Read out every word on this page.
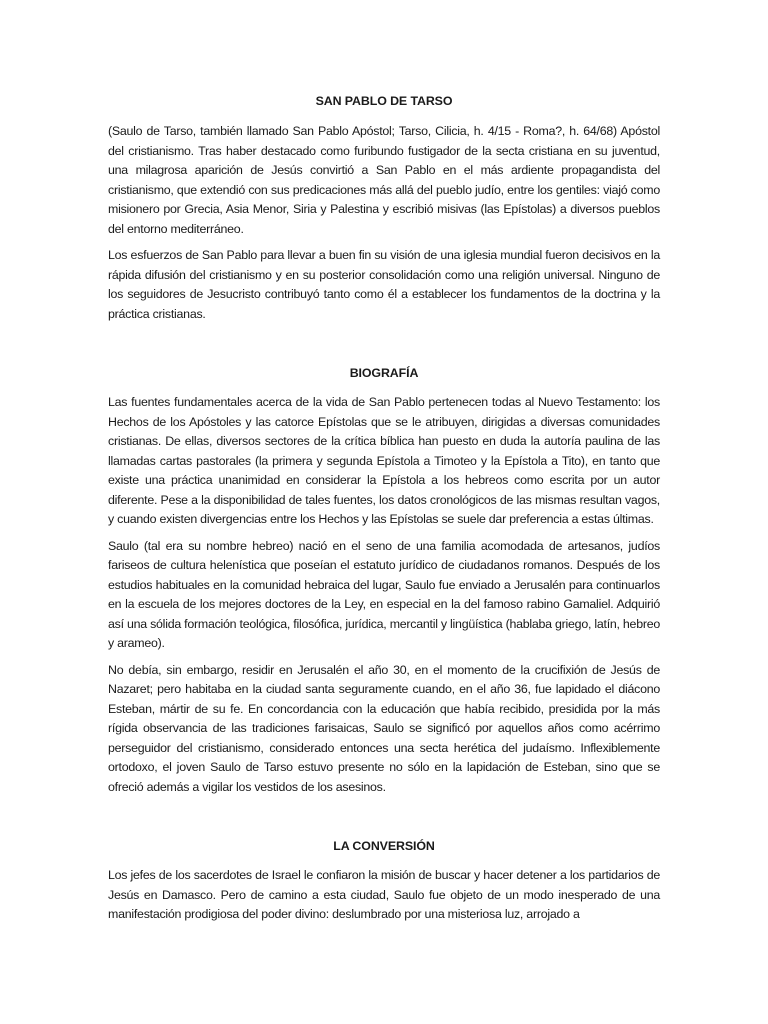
SAN PABLO DE TARSO

(Saulo de Tarso, también llamado San Pablo Apóstol; Tarso, Cilicia, h. 4/15 - Roma?, h. 64/68) Apóstol del cristianismo. Tras haber destacado como furibundo fustigador de la secta cristiana en su juventud, una milagrosa aparición de Jesús convirtió a San Pablo en el más ardiente propagandista del cristianismo, que extendió con sus predicaciones más allá del pueblo judío, entre los gentiles: viajó como misionero por Grecia, Asia Menor, Siria y Palestina y escribió misivas (las Epístolas) a diversos pueblos del entorno mediterráneo.

Los esfuerzos de San Pablo para llevar a buen fin su visión de una iglesia mundial fueron decisivos en la rápida difusión del cristianismo y en su posterior consolidación como una religión universal. Ninguno de los seguidores de Jesucristo contribuyó tanto como él a establecer los fundamentos de la doctrina y la práctica cristianas.

BIOGRAFÍA

Las fuentes fundamentales acerca de la vida de San Pablo pertenecen todas al Nuevo Testamento: los Hechos de los Apóstoles y las catorce Epístolas que se le atribuyen, dirigidas a diversas comunidades cristianas. De ellas, diversos sectores de la crítica bíblica han puesto en duda la autoría paulina de las llamadas cartas pastorales (la primera y segunda Epístola a Timoteo y la Epístola a Tito), en tanto que existe una práctica unanimidad en considerar la Epístola a los hebreos como escrita por un autor diferente. Pese a la disponibilidad de tales fuentes, los datos cronológicos de las mismas resultan vagos, y cuando existen divergencias entre los Hechos y las Epístolas se suele dar preferencia a estas últimas.

Saulo (tal era su nombre hebreo) nació en el seno de una familia acomodada de artesanos, judíos fariseos de cultura helenística que poseían el estatuto jurídico de ciudadanos romanos. Después de los estudios habituales en la comunidad hebraica del lugar, Saulo fue enviado a Jerusalén para continuarlos en la escuela de los mejores doctores de la Ley, en especial en la del famoso rabino Gamaliel. Adquirió así una sólida formación teológica, filosófica, jurídica, mercantil y lingüística (hablaba griego, latín, hebreo y arameo).

No debía, sin embargo, residir en Jerusalén el año 30, en el momento de la crucifixión de Jesús de Nazaret; pero habitaba en la ciudad santa seguramente cuando, en el año 36, fue lapidado el diácono Esteban, mártir de su fe. En concordancia con la educación que había recibido, presidida por la más rígida observancia de las tradiciones farisaicas, Saulo se significó por aquellos años como acérrimo perseguidor del cristianismo, considerado entonces una secta herética del judaísmo. Inflexiblemente ortodoxo, el joven Saulo de Tarso estuvo presente no sólo en la lapidación de Esteban, sino que se ofreció además a vigilar los vestidos de los asesinos.

LA CONVERSIÓN

Los jefes de los sacerdotes de Israel le confiaron la misión de buscar y hacer detener a los partidarios de Jesús en Damasco. Pero de camino a esta ciudad, Saulo fue objeto de un modo inesperado de una manifestación prodigiosa del poder divino: deslumbrado por una misteriosa luz, arrojado a
